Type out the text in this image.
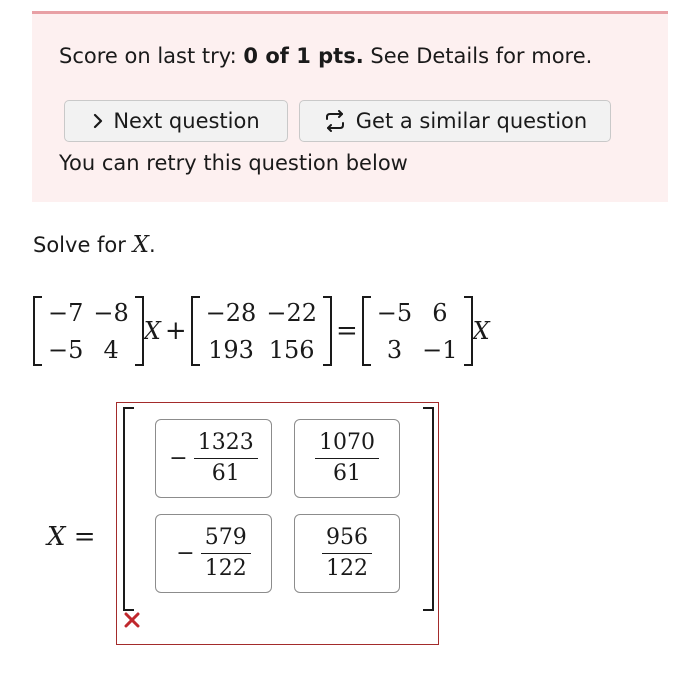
Score on last try: 0 of 1 pts. See Details for more.
Next question	Get a similar question
You can retry this question below
Solve for X.
−7	−8
−5	4
X +
−28	−22
193	156
=
−5	6
3	−1
X
X =
− $\frac{1323}{61}$	$\frac{1070}{61}$
− $\frac{579}{122}$	$\frac{956}{122}$
